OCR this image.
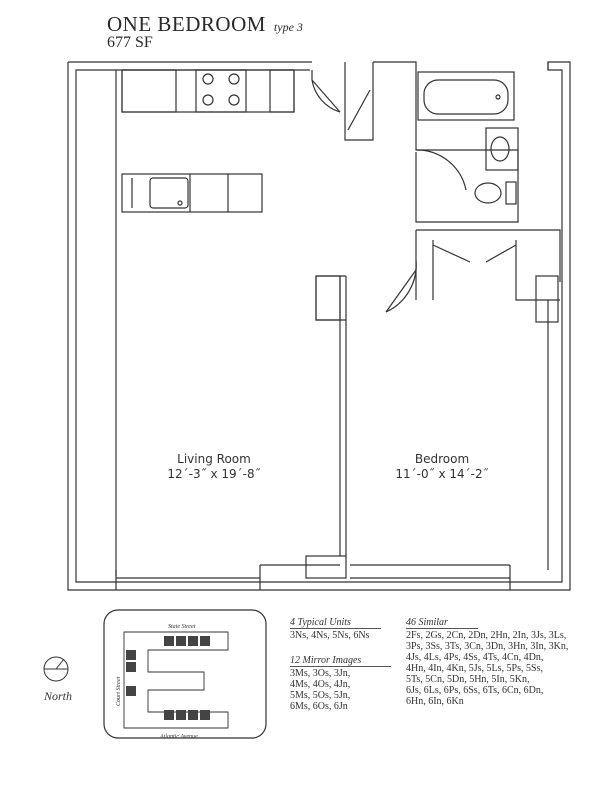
ONE BEDROOM type 3
677 SF
State Street
Court Street
Atlantic Avenue
Living Room
12´-3˝ x 19´-8˝
Bedroom
11´-0˝ x 14´-2˝
North
4 Typical Units
3Ns, 4Ns, 5Ns, 6Ns
12 Mirror Images
3Ms, 3Os, 3Jn,
4Ms, 4Os, 4Jn,
5Ms, 5Os, 5Jn,
6Ms, 6Os, 6Jn
46 Similar
2Fs, 2Gs, 2Cn, 2Dn, 2Hn, 2In, 3Js, 3Ls,
3Ps, 3Ss, 3Ts, 3Cn, 3Dn, 3Hn, 3In, 3Kn,
4Js, 4Ls, 4Ps, 4Ss, 4Ts, 4Cn, 4Dn,
4Hn, 4In, 4Kn, 5Js, 5Ls, 5Ps, 5Ss,
5Ts, 5Cn, 5Dn, 5Hn, 5In, 5Kn,
6Js, 6Ls, 6Ps, 6Ss, 6Ts, 6Cn, 6Dn,
6Hn, 6In, 6Kn
